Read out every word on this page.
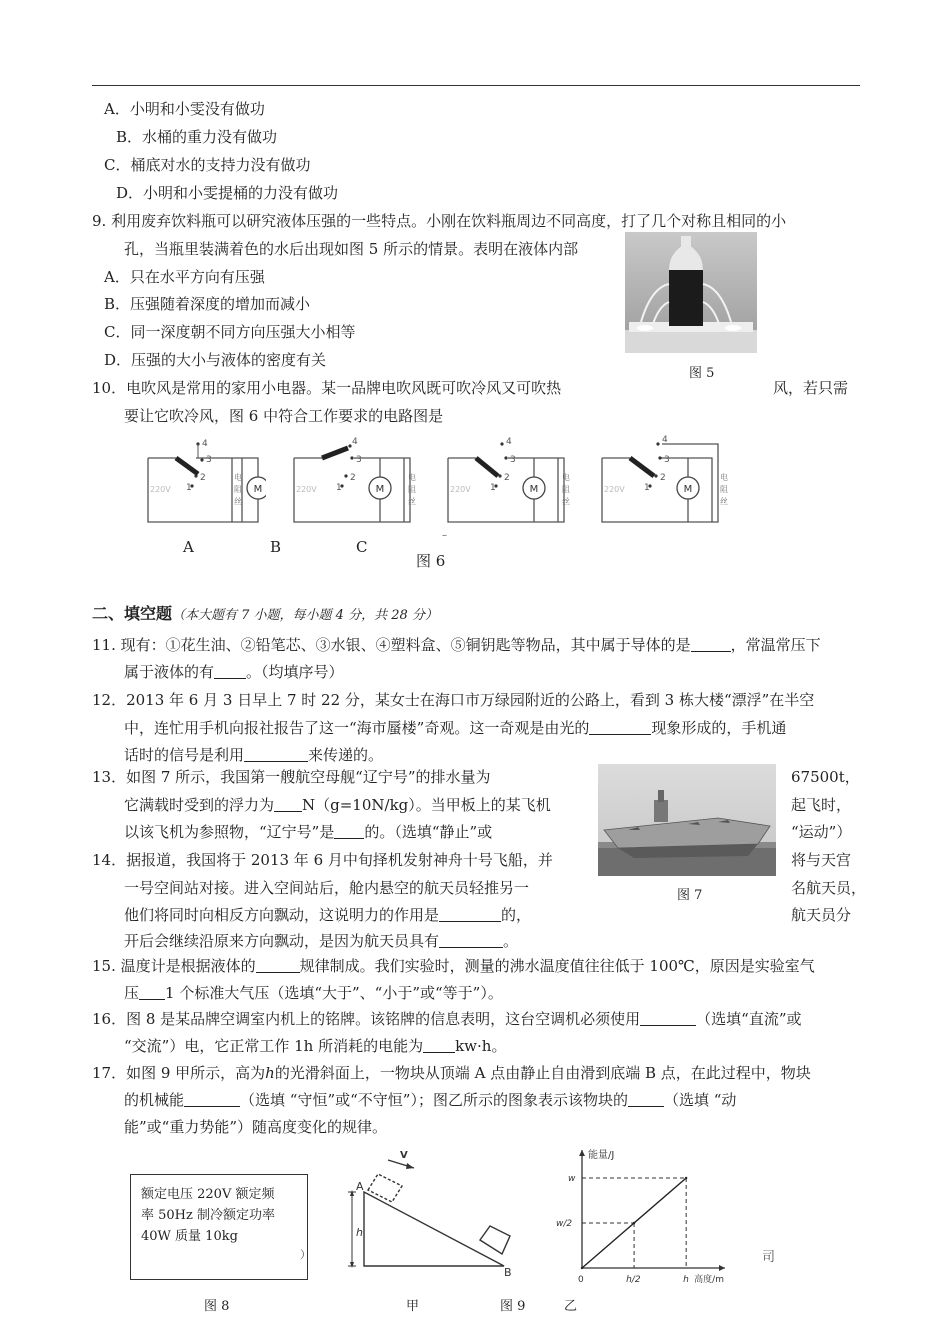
A．小明和小雯没有做功
B．水桶的重力没有做功
C．桶底对水的支持力没有做功
D．小明和小雯提桶的力没有做功
9. 利用废弃饮料瓶可以研究液体压强的一些特点。小刚在饮料瓶周边不同高度，打了几个对称且相同的小
孔，当瓶里装满着色的水后出现如图 5 所示的情景。表明在液体内部
A．只在水平方向有压强
B．压强随着深度的增加而减小
C．同一深度朝不同方向压强大小相等
D．压强的大小与液体的密度有关
图 5
10．电吹风是常用的家用小电器。某一品牌电吹风既可吹冷风又可吹热	风，若只需
要让它吹冷风，图 6 中符合工作要求的电路图是
M
4
3
2
1
电
阻
丝
220V	M
4
3
2
1
电
阻
丝
220V	M
4
3
2
1
电
阻
丝
220V	M
4
3
2
1
电
阻
丝
220V
A	B	C
–
图 6
二、填空题（本大题有 7 小题，每小题 4 分，共 28 分）
11. 现有：①花生油、②铅笔芯、③水银、④塑料盒、⑤铜钥匙等物品，其中属于导体的是	，常温常压下
属于液体的有 。（均填序号）
12．2013 年 6 月 3 日早上 7 时 22 分，某女士在海口市万绿园附近的公路上，看到 3 栋大楼“漂浮”在半空
中，连忙用手机向报社报告了这一“海市蜃楼”奇观。这一奇观是由光的	现象形成的，手机通
话时的信号是利用	来传递的。
13．如图 7 所示，我国第一艘航空母舰“辽宁号”的排水量为	67500t，
它满载时受到的浮力为 N（g=10N/kg）。当甲板上的某飞机	起飞时，
以该飞机为参照物，“辽宁号”是 的。（选填“静止”或	“运动”）
图 7
14．据报道，我国将于 2013 年 6 月中旬择机发射神舟十号飞船，并	将与天宫
一号空间站对接。进入空间站后，舱内悬空的航天员轻推另一	名航天员，
他们将同时向相反方向飘动，这说明力的作用是	的，	航天员分
开后会继续沿原来方向飘动，是因为航天员具有	。
15. 温度计是根据液体的	规律制成。我们实验时，测量的沸水温度值往往低于 100℃，原因是实验室气
压 1 个标准大气压（选填“大于”、“小于”或“等于”）。
16．图 8 是某品牌空调室内机上的铭牌。该铭牌的信息表明，这台空调机必须使用	（选填“直流”或
“交流”）电，它正常工作 1h 所消耗的电能为 kw·h。
17．如图 9 甲所示，高为h的光滑斜面上，一物块从顶端 A 点由静止自由滑到底端 B 点，在此过程中，物块
的机械能	（选填 “守恒”或“不守恒”）；图乙所示的图象表示该物块的 （选填 “动
能”或“重力势能”）随高度变化的规律。
额定电压 220V 额定频
率 50Hz 制冷额定功率
40W 质量 10kg
）
图 8
V
A
B
h
甲	图 9
0	h/2	h
w/2
w
高度/m
能量/J
司
乙
